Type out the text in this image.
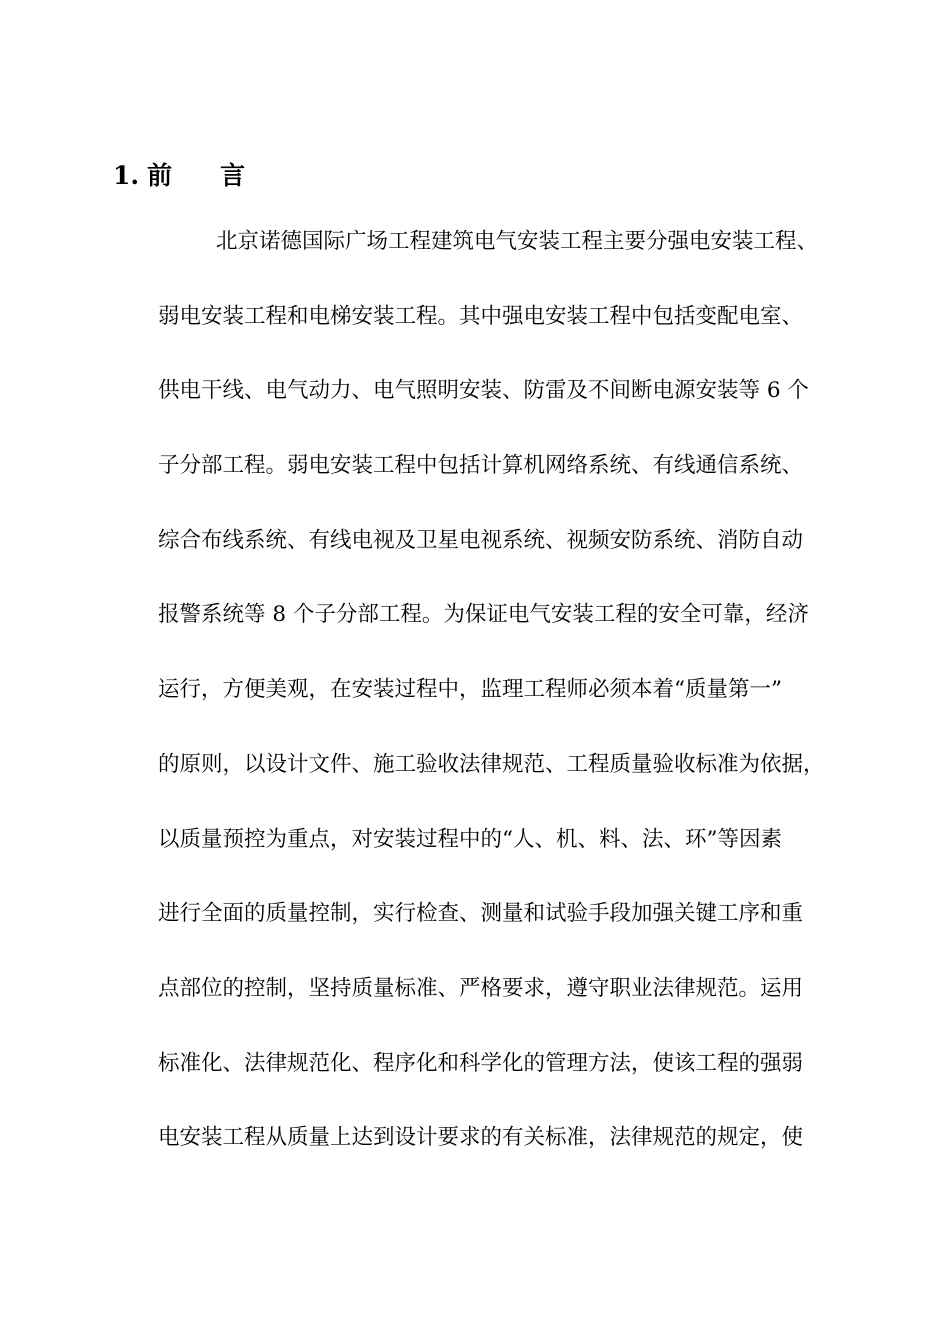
1. 前 言
北京诺德国际广场工程建筑电气安装工程主要分强电安装工程、
弱电安装工程和电梯安装工程。其中强电安装工程中包括变配电室、
供电干线、电气动力、电气照明安装、防雷及不间断电源安装等 6 个
子分部工程。弱电安装工程中包括计算机网络系统、有线通信系统、
综合布线系统、有线电视及卫星电视系统、视频安防系统、消防自动
报警系统等 8 个子分部工程。为保证电气安装工程的安全可靠，经济
运行，方便美观，在安装过程中，监理工程师必须本着“质量第一”
的原则，以设计文件、施工验收法律规范、工程质量验收标准为依据，
以质量预控为重点，对安装过程中的“人、机、料、法、环”等因素
进行全面的质量控制，实行检查、测量和试验手段加强关键工序和重
点部位的控制，坚持质量标准、严格要求，遵守职业法律规范。运用
标准化、法律规范化、程序化和科学化的管理方法，使该工程的强弱
电安装工程从质量上达到设计要求的有关标准，法律规范的规定，使
